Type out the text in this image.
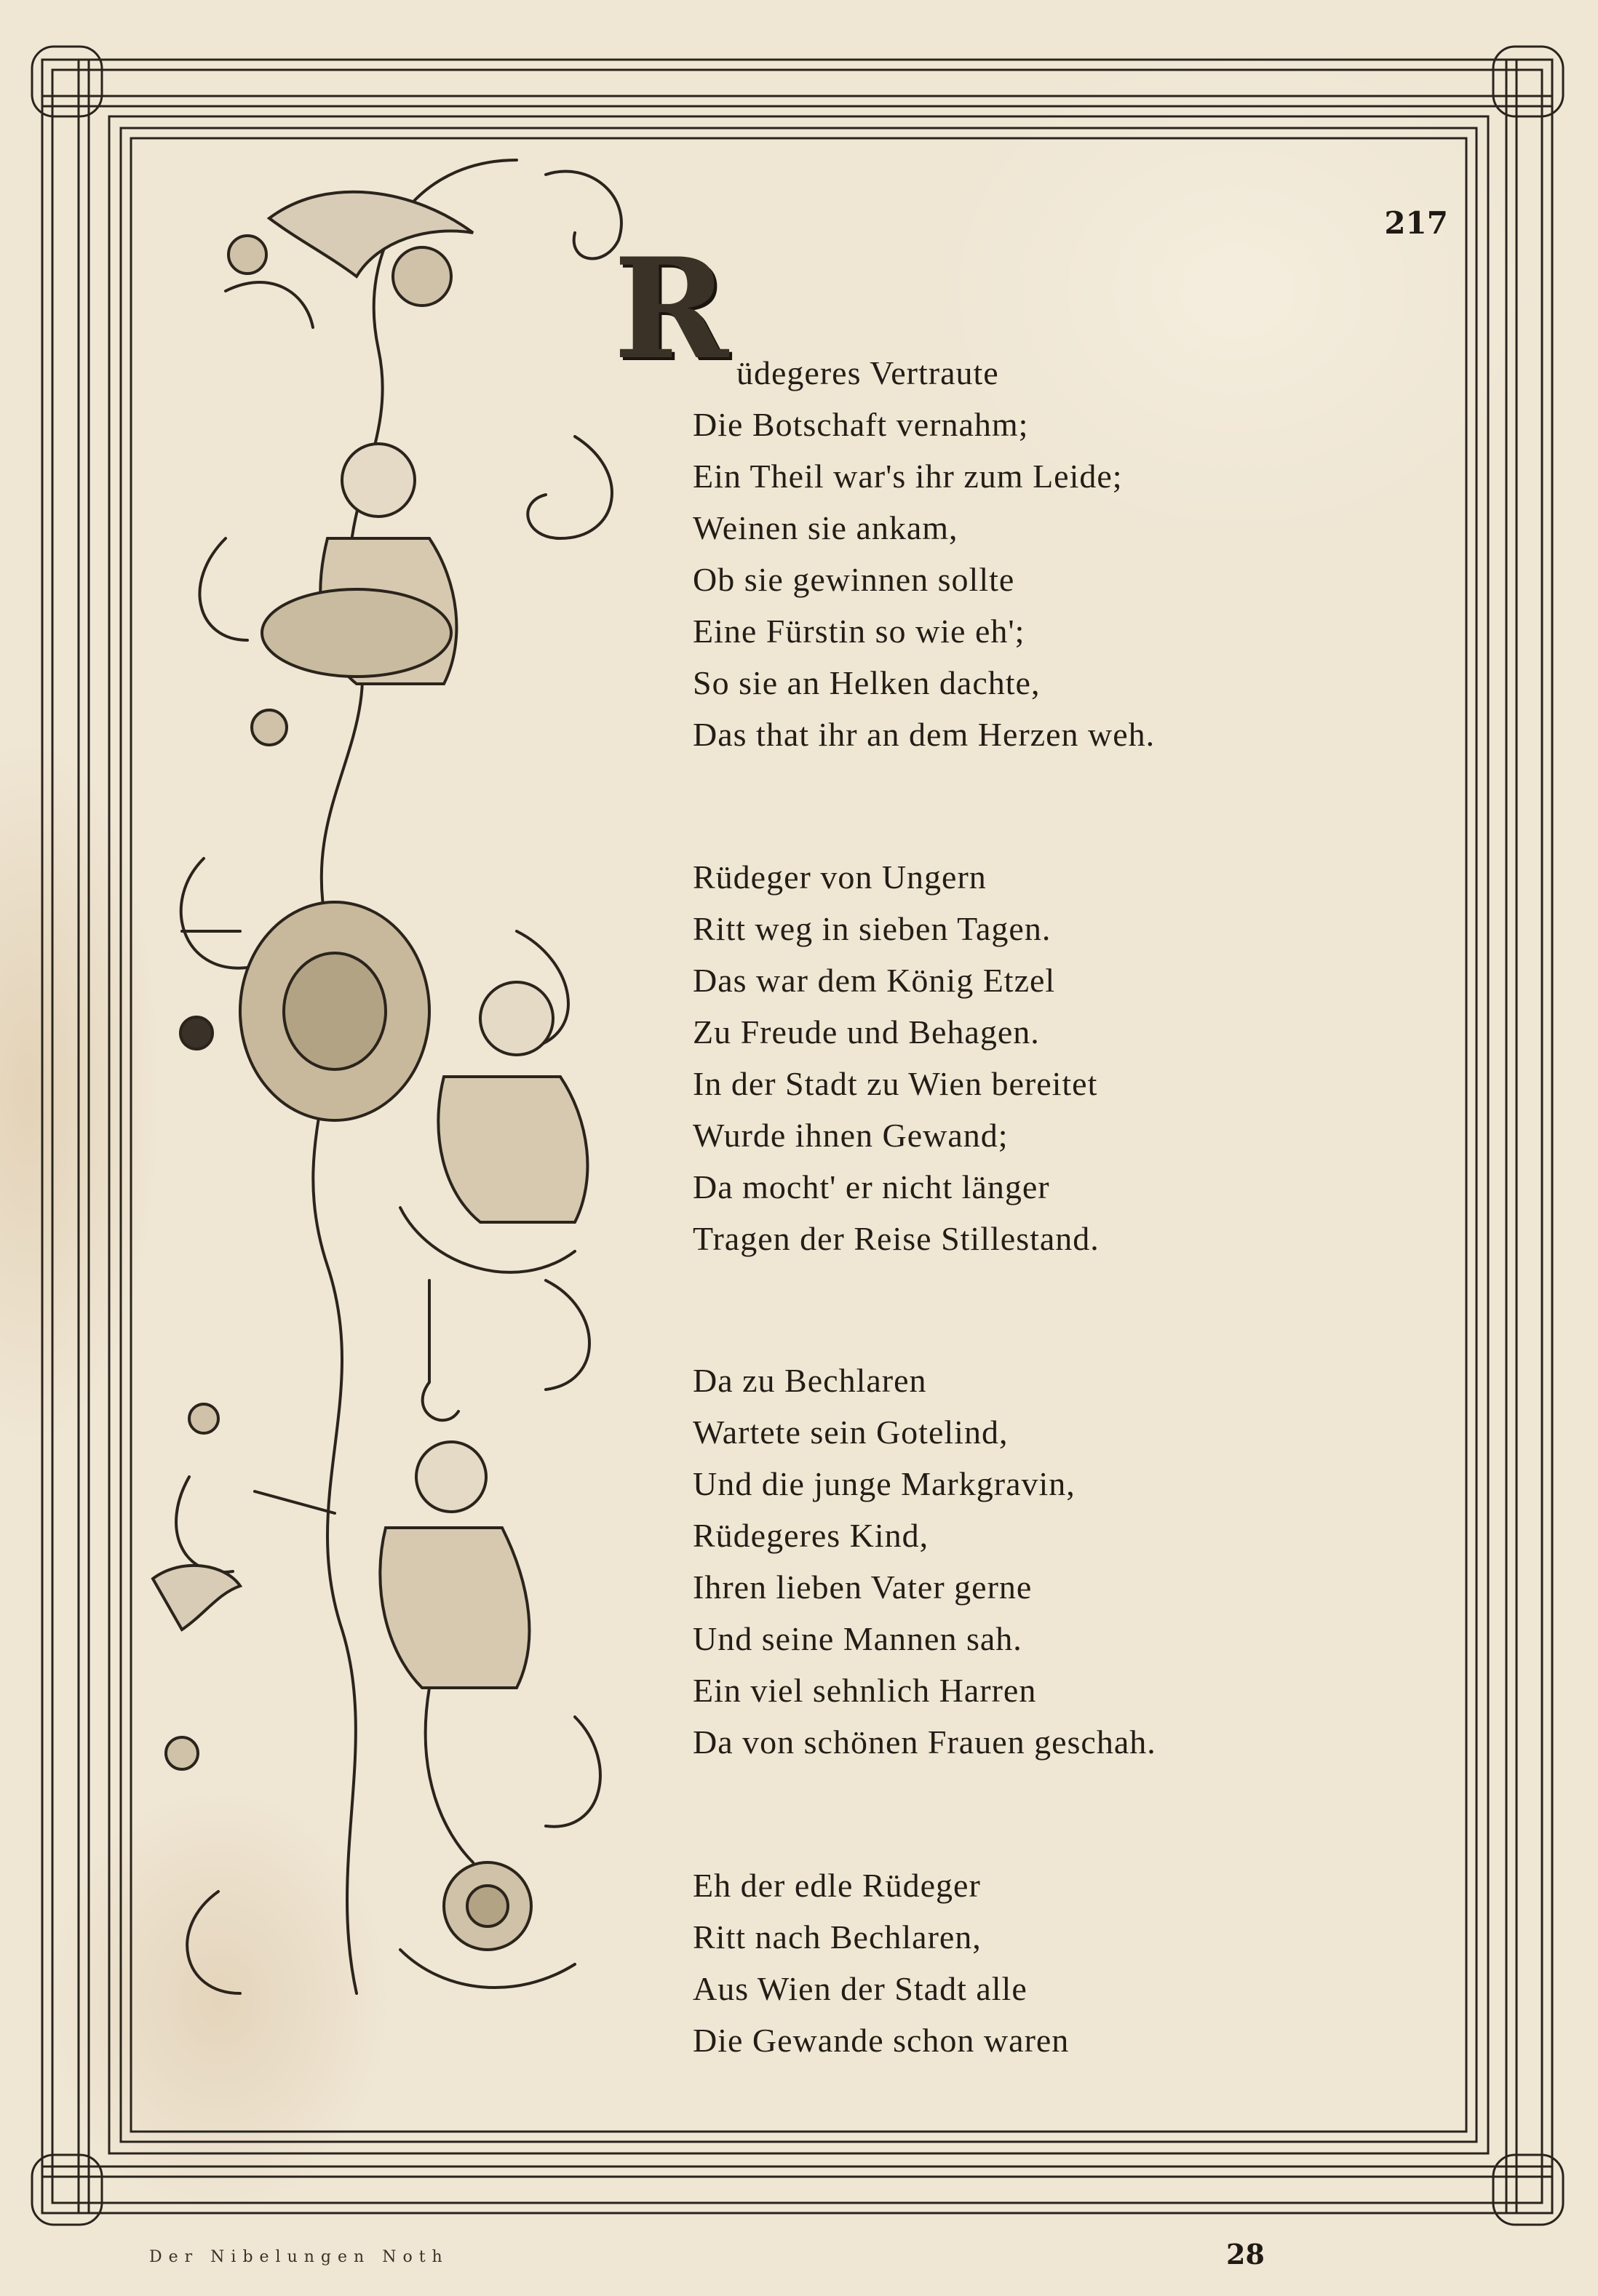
217
R üdegeres Vertraute
Die Botschaft vernahm;
Ein Theil war's ihr zum Leide;
Weinen sie ankam,
Ob sie gewinnen sollte
Eine Fürstin so wie eh';
So sie an Helken dachte,
Das that ihr an dem Herzen weh.
Rüdeger von Ungern
Ritt weg in sieben Tagen.
Das war dem König Etzel
Zu Freude und Behagen.
In der Stadt zu Wien bereitet
Wurde ihnen Gewand;
Da mocht' er nicht länger
Tragen der Reise Stillestand.
Da zu Bechlaren
Wartete sein Gotelind,
Und die junge Markgravin,
Rüdegeres Kind,
Ihren lieben Vater gerne
Und seine Mannen sah.
Ein viel sehnlich Harren
Da von schönen Frauen geschah.
Eh der edle Rüdeger
Ritt nach Bechlaren,
Aus Wien der Stadt alle
Die Gewande schon waren
Der Nibelungen Noth	28
